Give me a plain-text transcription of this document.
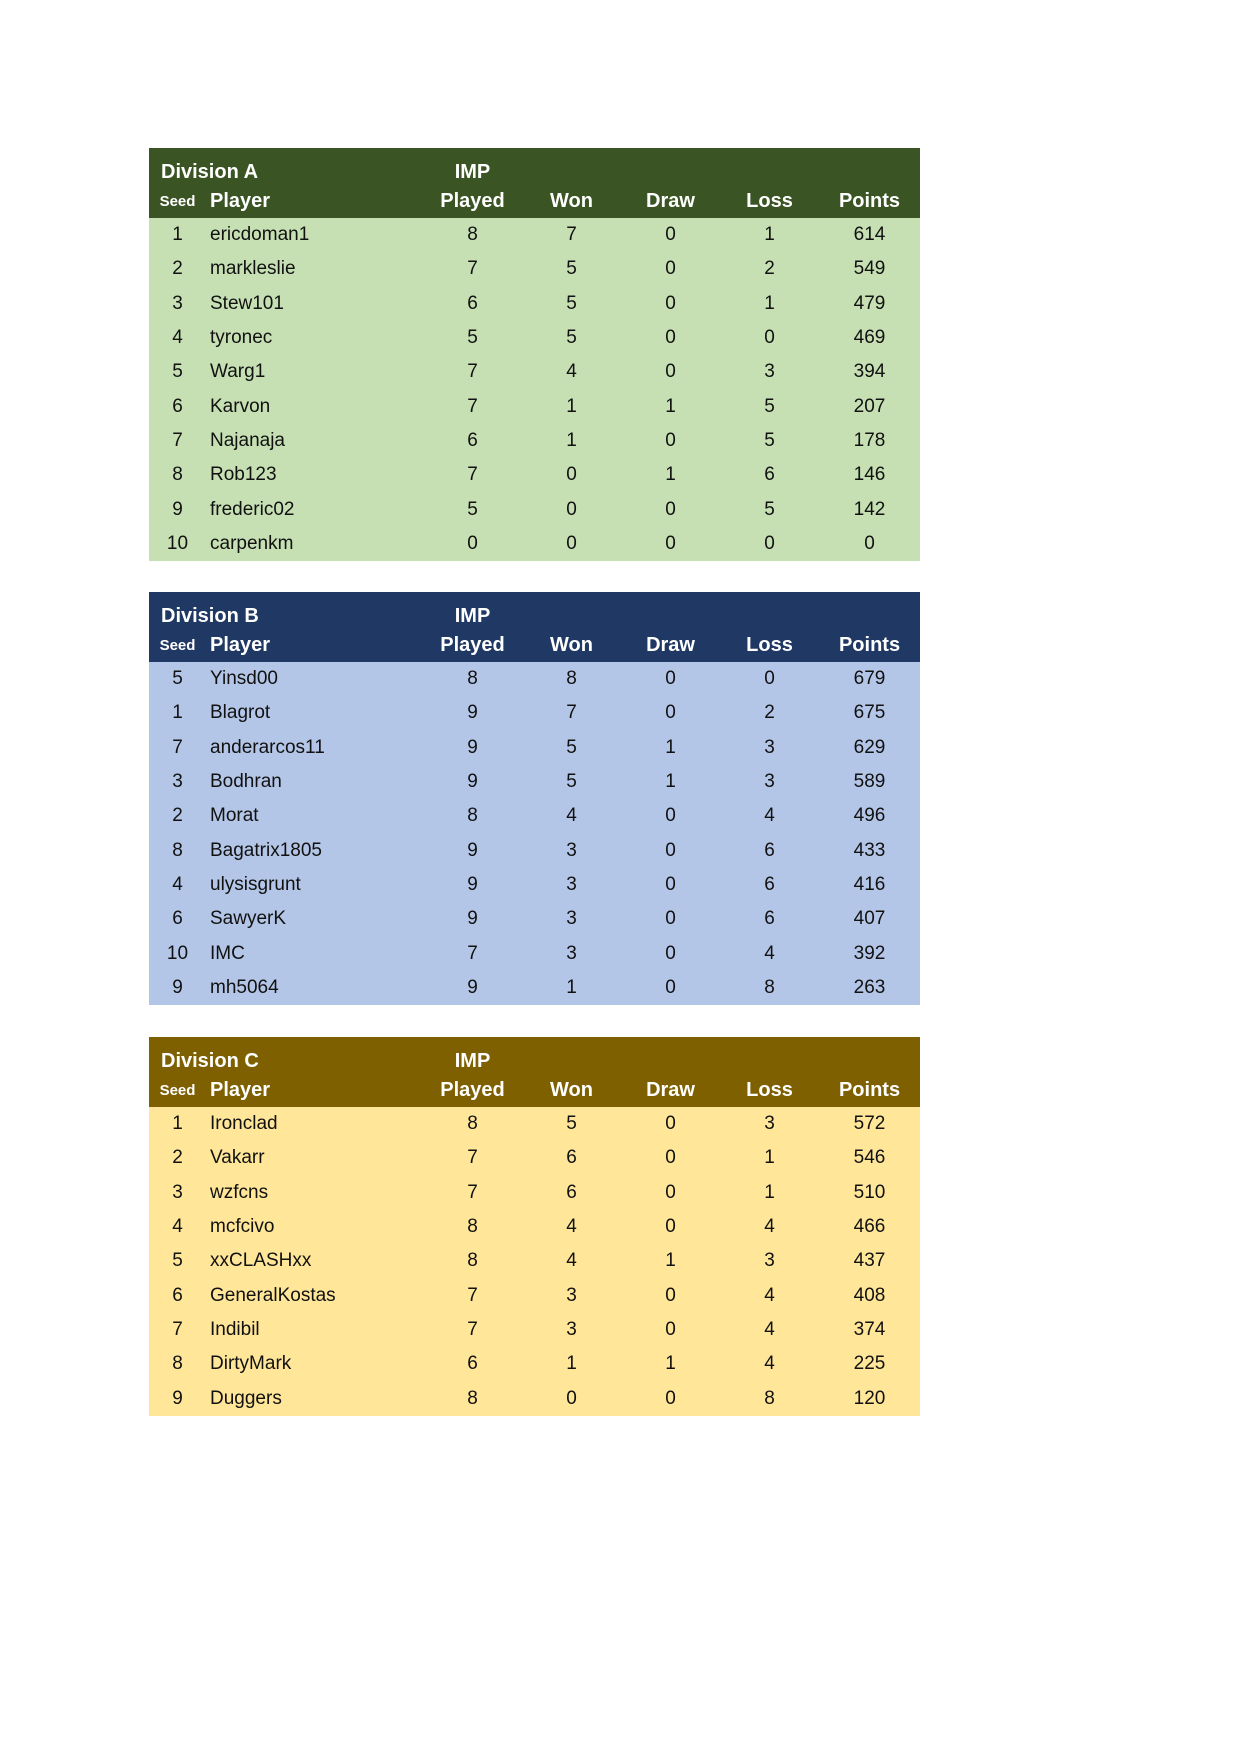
Division A		IMP				
Seed	Player	Played	Won	Draw	Loss	Points
1	ericdoman1	8	7	0	1	614
2	markleslie	7	5	0	2	549
3	Stew101	6	5	0	1	479
4	tyronec	5	5	0	0	469
5	Warg1	7	4	0	3	394
6	Karvon	7	1	1	5	207
7	Najanaja	6	1	0	5	178
8	Rob123	7	0	1	6	146
9	frederic02	5	0	0	5	142
10	carpenkm	0	0	0	0	0
Division B		IMP				
Seed	Player	Played	Won	Draw	Loss	Points
5	Yinsd00	8	8	0	0	679
1	Blagrot	9	7	0	2	675
7	anderarcos11	9	5	1	3	629
3	Bodhran	9	5	1	3	589
2	Morat	8	4	0	4	496
8	Bagatrix1805	9	3	0	6	433
4	ulysisgrunt	9	3	0	6	416
6	SawyerK	9	3	0	6	407
10	IMC	7	3	0	4	392
9	mh5064	9	1	0	8	263
Division C		IMP				
Seed	Player	Played	Won	Draw	Loss	Points
1	Ironclad	8	5	0	3	572
2	Vakarr	7	6	0	1	546
3	wzfcns	7	6	0	1	510
4	mcfcivo	8	4	0	4	466
5	xxCLASHxx	8	4	1	3	437
6	GeneralKostas	7	3	0	4	408
7	Indibil	7	3	0	4	374
8	DirtyMark	6	1	1	4	225
9	Duggers	8	0	0	8	120
